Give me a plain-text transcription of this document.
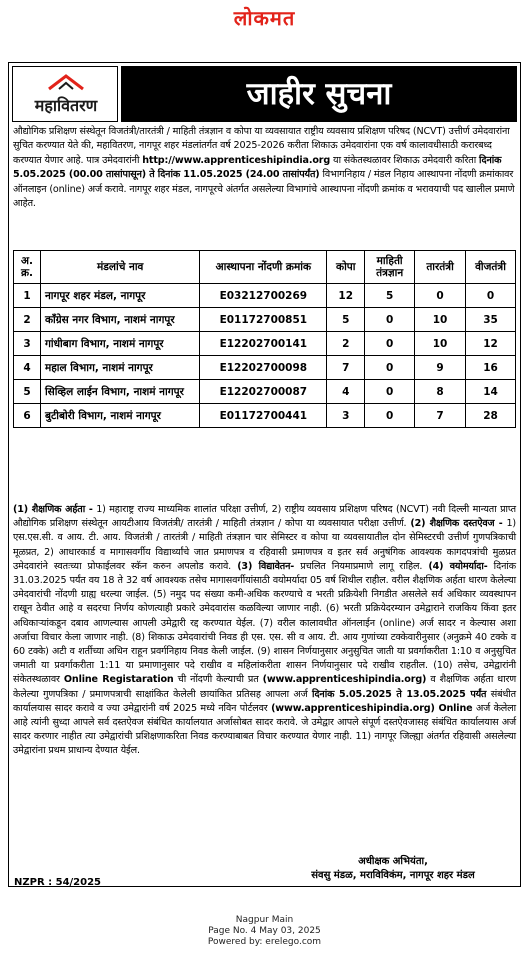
लोकमत
महावितरण	जाहीर सुचना
औद्योगिक प्रशिक्षण संस्थेतून विजतंत्री/तारतंत्री / माहिती तंत्रज्ञान व कोपा या व्यवसायात राष्ट्रीय व्यवसाय प्रशिक्षण परिषद (NCVT) उत्तीर्ण उमेदवारांना सुचित करण्यात येते की, महावितरण, नागपूर शहर मंडलांतर्गत वर्ष 2025-2026 करीता शिकाऊ उमेदवारांना एक वर्ष कालावधीसाठी करारबध्द करण्यात येणार आहे. पात्र उमेदवारांनी http://www.apprenticeshipindia.org या संकेतस्थळावर शिकाऊ उमेदवारी करिता दिनांक 5.05.2025 (00.00 तासांपासून) ते दिनांक 11.05.2025 (24.00 तासांपर्यंत) विभागनिहाय / मंडल निहाय आस्थापना नोंदणी क्रमांकावर ऑनलाइन (online) अर्ज करावे. नागपूर शहर मंडल, नागपूरचे अंतर्गत असलेल्या विभागांचे आस्थापना नोंदणी क्रमांक व भरावयाची पद खालील प्रमाणे आहेत.
अ. क्र.	मंडलांचे नाव	आस्थापना नोंदणी क्रमांक	कोपा	माहिती तंत्रज्ञान	तारतंत्री	वीजतंत्री
1	नागपूर शहर मंडल, नागपूर	E03212700269	12	5	0	0
2	कॉंग्रेस नगर विभाग, नाशमं नागपूर	E01172700851	5	0	10	35
3	गांधीबाग विभाग, नाशमं नागपूर	E12202700141	2	0	10	12
4	महाल विभाग, नाशमं नागपूर	E12202700098	7	0	9	16
5	सिव्हिल लाईन विभाग, नाशमं नागपूर	E12202700087	4	0	8	14
6	बुटीबोरी विभाग, नाशमं नागपूर	E01172700441	3	0	7	28
(1) शैक्षणिक अर्हता - 1) महाराष्ट्र राज्य माध्यमिक शालांत परिक्षा उत्तीर्ण, 2) राष्ट्रीय व्यवसाय प्रशिक्षण परिषद (NCVT) नवी दिल्ली मान्यता प्राप्त औद्योगिक प्रशिक्षण संस्थेतून आयटीआय विजतंत्री/ तारतंत्री / माहिती तंत्रज्ञान / कोपा या व्यवसायात परीक्षा उत्तीर्ण. (2) शैक्षणिक दस्तऐवज - 1) एस.एस.सी. व आय. टी. आय. विजतंत्री / तारतंत्री / माहिती तंत्रज्ञान चार सेमिस्टर व कोपा या व्यवसायातील दोन सेमिस्टरची उत्तीर्ण गुणपत्रिकाची मूळप्रत, 2) आधारकार्ड व मागासवर्गीय विद्यार्थ्यांचे जात प्रमाणपत्र व रहिवासी प्रमाणपत्र व इतर सर्व अनुषंगिक आवश्यक कागदपत्रांची मुळप्रत उमेदवारांने स्वतःच्या प्रोफाईलवर स्कॅन करुन अपलोड करावे. (3) विद्यावेतन- प्रचलित नियमाप्रमाणे लागू राहिल. (4) वयोमर्यादा- दिनांक 31.03.2025 पर्यंत वय 18 ते 32 वर्ष आवश्यक तसेच मागासवर्गीयांसाठी वयोमर्यादा 05 वर्ष शिथील राहील. वरील शैक्षणिक अर्हता धारण केलेल्या उमेदवारांची नोंदणी ग्राह्य धरल्या जाईल. (5) नमुद पद संख्या कमी-अधिक करण्याचे व भरती प्रक्रियेशी निगडीत असलेले सर्व अधिकार व्यवस्थापन राखून ठेवीत आहे व सदरचा निर्णय कोणत्याही प्रकारे उमेदवारांस कळविल्या जाणार नाही. (6) भरती प्रक्रियेदरम्यान उमेद्वाराने राजकिय किंवा इतर अधिकाऱ्यांकडून दबाव आणल्यास आपली उमेद्वारी रद्द करण्यात येईल. (7) वरील कालावधीत ऑनलाईन (online) अर्ज सादर न केल्यास अशा अर्जाचा विचार केला जाणार नाही. (8) शिकाऊ उमेदवारांची निवड ही एस. एस. सी व आय. टी. आय गुणांच्या टक्केवारीनुसार (अनुक्रमे 40 टक्के व 60 टक्के) अटी व शर्तीच्या अधिन राहून प्रवर्गनिहाय निवड केली जाईल. (9) शासन निर्णयानुसार अनुसुचित जाती या प्रवर्गाकरीता 1:10 व अनुसुचित जमाती या प्रवर्गाकरीता 1:11 या प्रमाणानुसार पदे राखीव व महिलांकरीता शासन निर्णयानुसार पदे राखीव राहतील. (10) तसेच, उमेद्वारांनी संकेतस्थळावर Online Registaration ची नोंदणी केल्याची प्रत (www.apprenticeshipindia.org) व शैक्षणिक अर्हता धारण केलेल्या गुणपत्रिका / प्रमाणपत्राची साक्षांकित केलेली छायांकित प्रतिसह आपला अर्ज दिनांक 5.05.2025 ते 13.05.2025 पर्यंत संबंधीत कार्यालयास सादर करावे व ज्या उमेद्वारांनी वर्ष 2025 मध्ये नविन पोर्टलवर (www.apprenticeshipindia.org) Online अर्ज केलेला आहे त्यांनी सुध्दा आपले सर्व दस्तऐवज संबंधित कार्यालयात अर्जासोबत सादर करावे. जे उमेद्वार आपले संपूर्ण दस्तऐवजासह संबंधित कार्यालयास अर्ज सादर करणार नाहीत त्या उमेद्वारांची प्रशिक्षणाकरिता निवड करण्याबाबत विचार करण्यात येणार नाही. 11) नागपूर जिल्ह्या अंतर्गत रहिवासी असलेल्या उमेद्वारांना प्रथम प्राधान्य देण्यात येईल.
अधीक्षक अभियंता,
संवसु मंडळ, मराविविकंम, नागपूर शहर मंडल
NZPR : 54/2025
Nagpur Main
Page No. 4 May 03, 2025
Powered by: erelego.com
